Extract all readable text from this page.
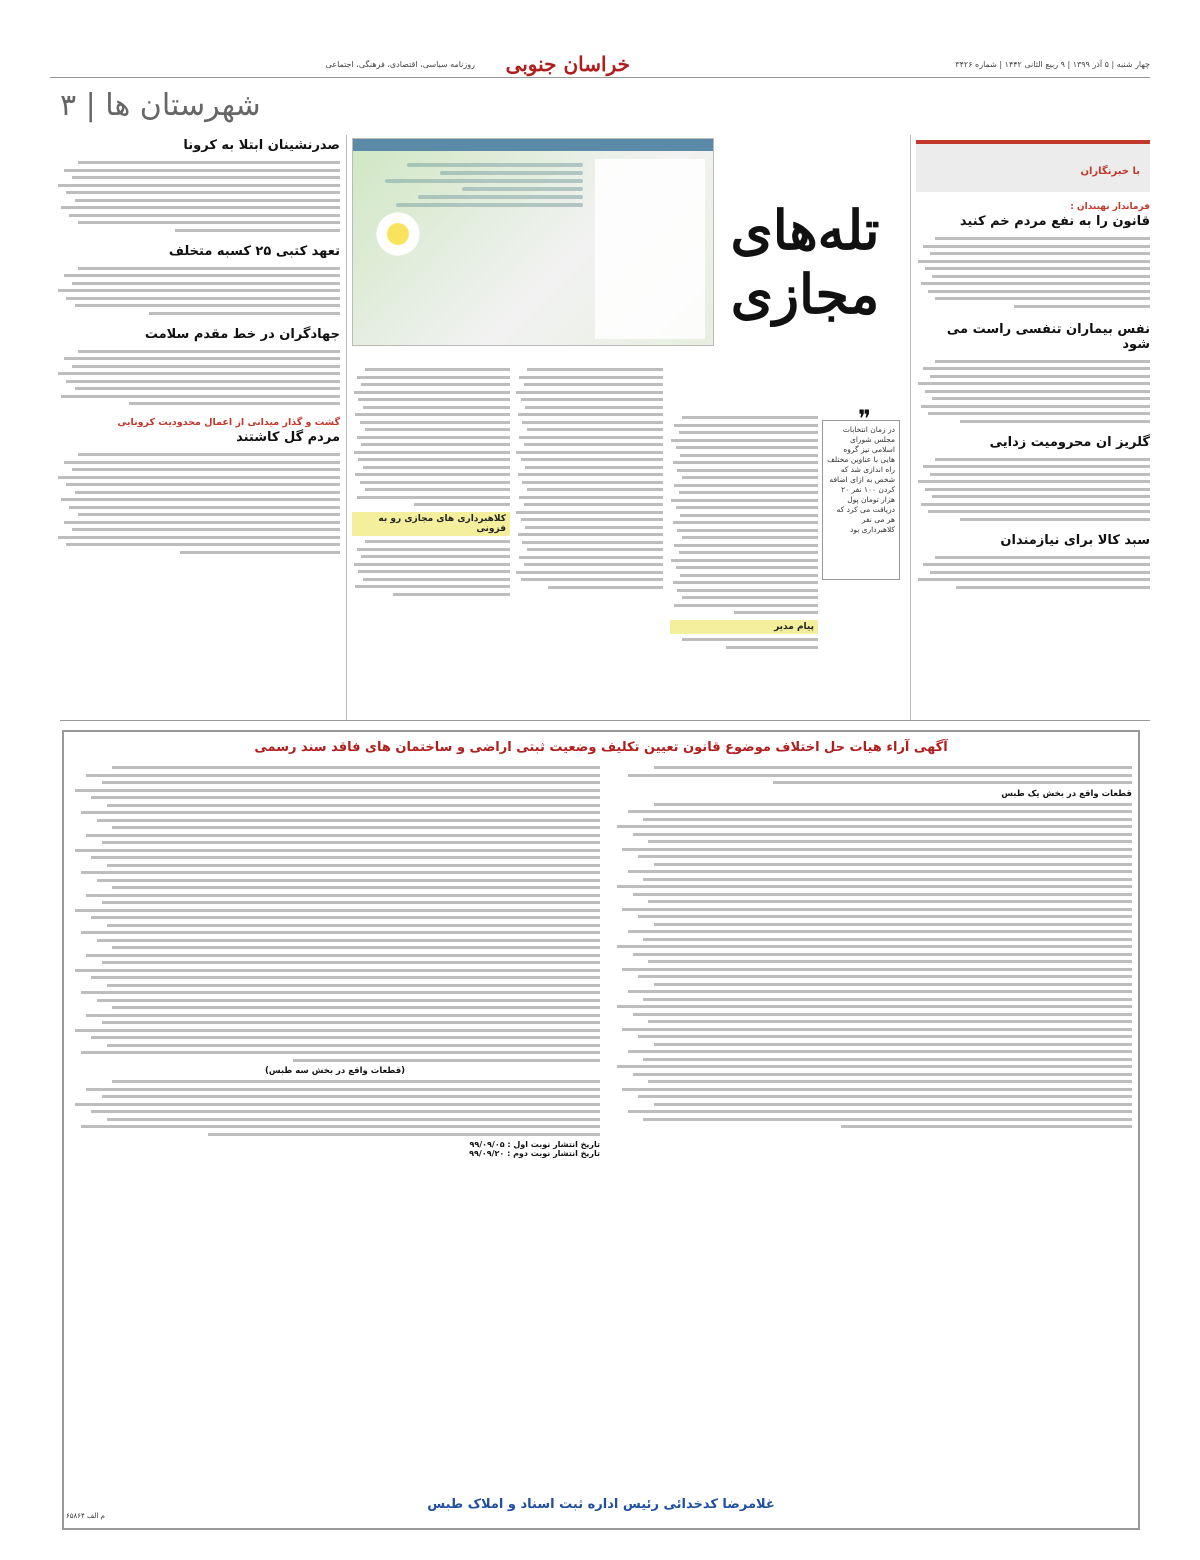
چهار شنبه | ۵ آذر ۱۳۹۹ | ۹ ربیع الثانی ۱۴۴۲ | شماره ۳۴۲۶
خراسان جنوبی
روزنامه سیاسی، اقتصادی، فرهنگی، اجتماعی
شهرستان ها | ۳
با خبرنگاران
فرماندار نهبندان :
قانون را به نفع مردم خم کنید
نفس بیماران تنفسی راست می شود
گلریز ان محرومیت زدایی
سبد کالا برای نیازمندان
تله‌های
مجازی
❞
در زمان انتخابات مجلس شورای اسلامی نیز گروه هایی با عناوین مختلف راه اندازی شد که شخص به ازای اضافه کردن ۱۰۰ نفر ۲۰ هزار تومان پول دریافت می کرد که هر می نفر کلاهبرداری بود
پیام مدیر
کلاهبرداری های مجازی رو به فزونی
صدرنشینان ابتلا به کرونا
تعهد کتبی ۲۵ کسبه متخلف
جهادگران در خط مقدم سلامت
گشت و گذار میدانی از اعمال محدودیت کرونایی
مردم گل کاشتند
آگهی آراء هیات حل اختلاف موضوع قانون تعیین تکلیف وضعیت ثبتی اراضی و ساختمان های فاقد سند رسمی
قطعات واقع در بخش یک طبس
(قطعات واقع در بخش سه طبس)
تاریخ انتشار نوبت اول : ۹۹/۰۹/۰۵
تاریخ انتشار نوبت دوم : ۹۹/۰۹/۲۰
غلامرضا کدخدائی رئیس اداره ثبت اسناد و املاک طبس
م الف ۶۵۸۶۴
